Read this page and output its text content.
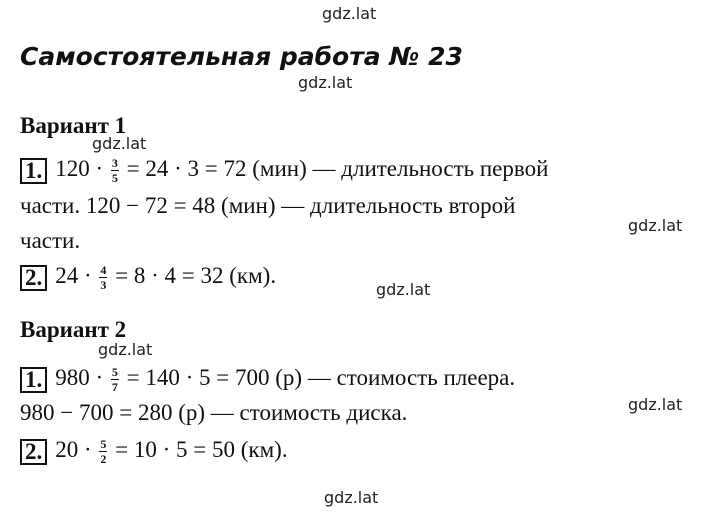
gdz.lat
gdz.lat
gdz.lat
gdz.lat
gdz.lat
gdz.lat
gdz.lat
gdz.lat
Самостоятельная работа № 23
Вариант 1
1. $120 \cdot \frac{3}{5} = 24 \cdot 3 = 72$ (мин) — длительность первой
части. 120 − 72 = 48 (мин) — длительность второй
части.
2. $24 \cdot \frac{4}{3} = 8 \cdot 4 = 32$ (км).
Вариант 2
1. $980 \cdot \frac{5}{7} = 140 \cdot 5 = 700$ (р) — стоимость плеера.
980 − 700 = 280 (р) — стоимость диска.
2. $20 \cdot \frac{5}{2} = 10 \cdot 5 = 50$ (км).
